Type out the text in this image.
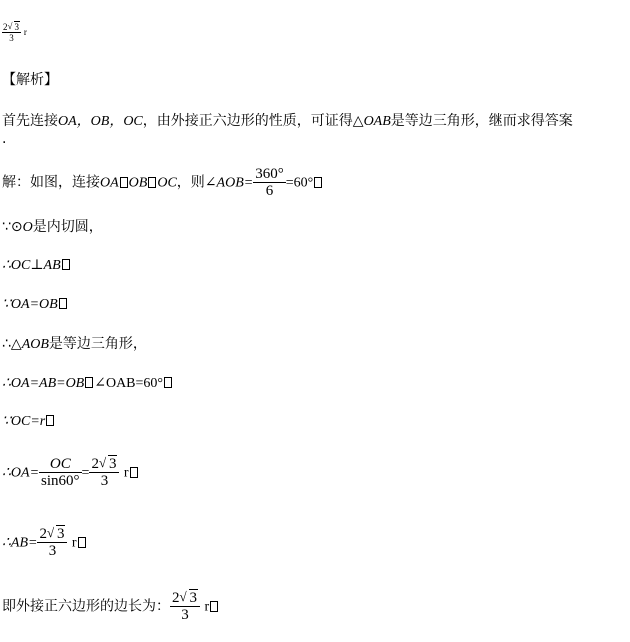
$\frac{2 √ 3}{3}$ r
【解析】
首先连接OA，OB，OC，由外接正六边形的性质，可证得△OAB是等边三角形，继而求得答案
.
解：如图，连接OA OB OC，则∠AOB= $\frac{360^\circ}{6} =60^\circ$
∵⊙O是内切圆，
∴OC⊥AB
∵OA=OB
∴△AOB是等边三角形，
∴OA=AB=OB ∠OAB=60°
∵OC=r
∴OA= $\frac{OC}{\sin 60^\circ} = \frac{2 √ 3}{3}$ r
∴AB= $\frac{2 √ 3}{3}$ r
即外接正六边形的边长为： $\frac{2 √ 3}{3}$ r
